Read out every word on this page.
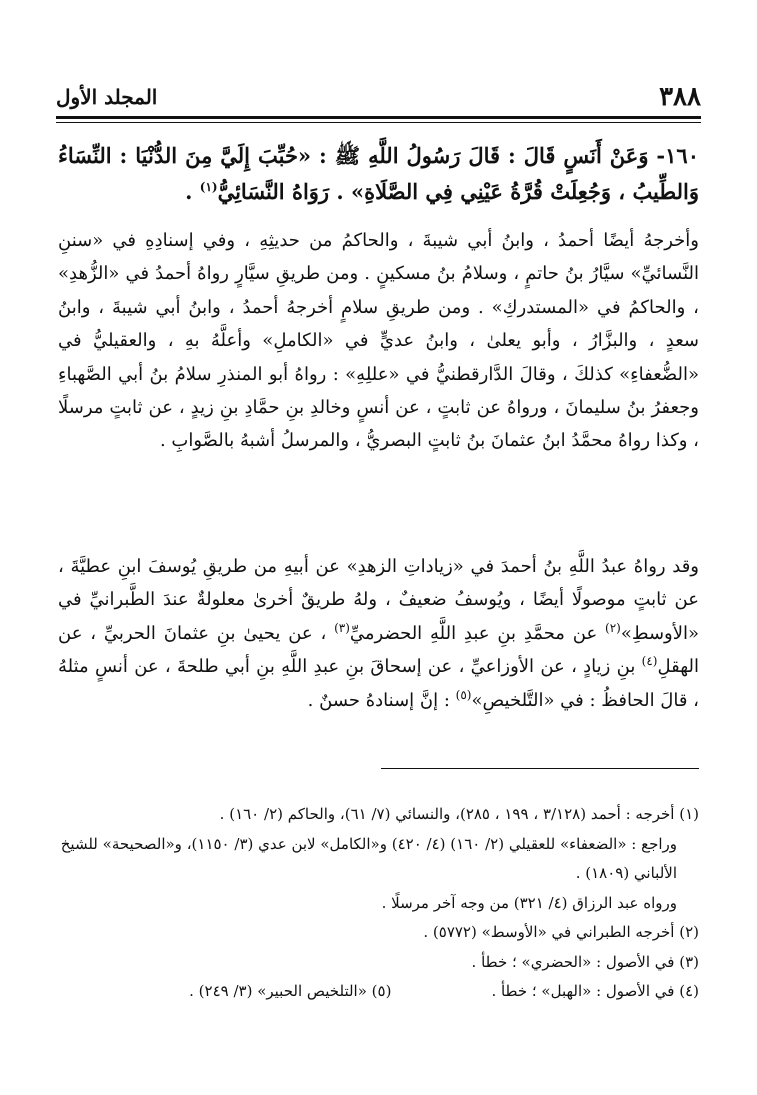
٣٨٨
المجلد الأول
١٦٠- وَعَنْ أَنَسٍ قَالَ : قَالَ رَسُولُ اللَّهِ ﷺ : «حُبِّبَ إِلَيَّ مِنَ الدُّنْيَا : النِّسَاءُ وَالطِّيبُ ، وَجُعِلَتْ قُرَّةُ عَيْنِي فِي الصَّلَاةِ» . رَوَاهُ النَّسَائِيُّ$^{(١)}$ .
وأخرجهُ أيضًا أحمدُ ، وابنُ أبي شيبةَ ، والحاكمُ من حديثِهِ ، وفي إسنادِهِ في «سننِ النَّسائيِّ» سيَّارُ بنُ حاتمٍ ، وسلامُ بنُ مسكينٍ . ومن طريقِ سيَّارٍ رواهُ أحمدُ في «الزُّهدِ» ، والحاكمُ في «المستدركِ» . ومن طريقِ سلامٍ أخرجهُ أحمدُ ، وابنُ أبي شيبةَ ، وابنُ سعدٍ ، والبزَّارُ ، وأبو يعلىٰ ، وابنُ عديٍّ في «الكاملِ» وأعلَّهُ بهِ ، والعقيليُّ في «الضُّعفاءِ» كذلكَ ، وقالَ الدَّارقطنيُّ في «عللِهِ» : رواهُ أبو المنذرِ سلامُ بنُ أبي الصَّهباءِ وجعفرُ بنُ سليمانَ ، ورواهُ عن ثابتٍ ، عن أنسٍ وخالدِ بنِ حمَّادِ بنِ زيدٍ ، عن ثابتٍ مرسلًا ، وكذا رواهُ محمَّدُ ابنُ عثمانَ بنُ ثابتٍ البصريُّ ، والمرسلُ أشبهُ بالصَّوابِ .
وقد رواهُ عبدُ اللَّهِ بنُ أحمدَ في «زياداتِ الزهدِ» عن أبيهِ من طريقِ يُوسفَ ابنِ عطيَّةَ ، عن ثابتٍ موصولًا أيضًا ، ويُوسفُ ضعيفٌ ، ولهُ طريقٌ أخرىٰ معلولةٌ عندَ الطَّبرانيِّ في «الأوسطِ»$^{(٢)}$ عن محمَّدِ بنِ عبدِ اللَّهِ الحضرميِّ$^{(٣)}$ ، عن يحيىٰ بنِ عثمانَ الحربيِّ ، عن الهقلِ$^{(٤)}$ بنِ زيادٍ ، عن الأوزاعيِّ ، عن إسحاقَ بنِ عبدِ اللَّهِ بنِ أبي طلحةَ ، عن أنسٍ مثلهُ ، قالَ الحافظُ : في «التَّلخيصِ»$^{(٥)}$ : إنَّ إسنادهُ حسنٌ .

(١) أخرجه : أحمد (٣/١٢٨ ، ١٩٩ ، ٢٨٥)، والنسائي (٧/ ٦١)، والحاكم (٢/ ١٦٠) .

وراجع : «الضعفاء» للعقيلي (٢/ ١٦٠) (٤/ ٤٢٠) و«الكامل» لابن عدي (٣/ ١١٥٠)، و«الصحيحة» للشيخ الألباني (١٨٠٩) .

ورواه عبد الرزاق (٤/ ٣٢١) من وجه آخر مرسلًا .

(٢) أخرجه الطبراني في «الأوسط» (٥٧٧٢) .

(٣) في الأصول : «الحضري» ؛ خطأ .

(٤) في الأصول : «الهبل» ؛ خطأ .
(٥) «التلخيص الحبير» (٣/ ٢٤٩) .
